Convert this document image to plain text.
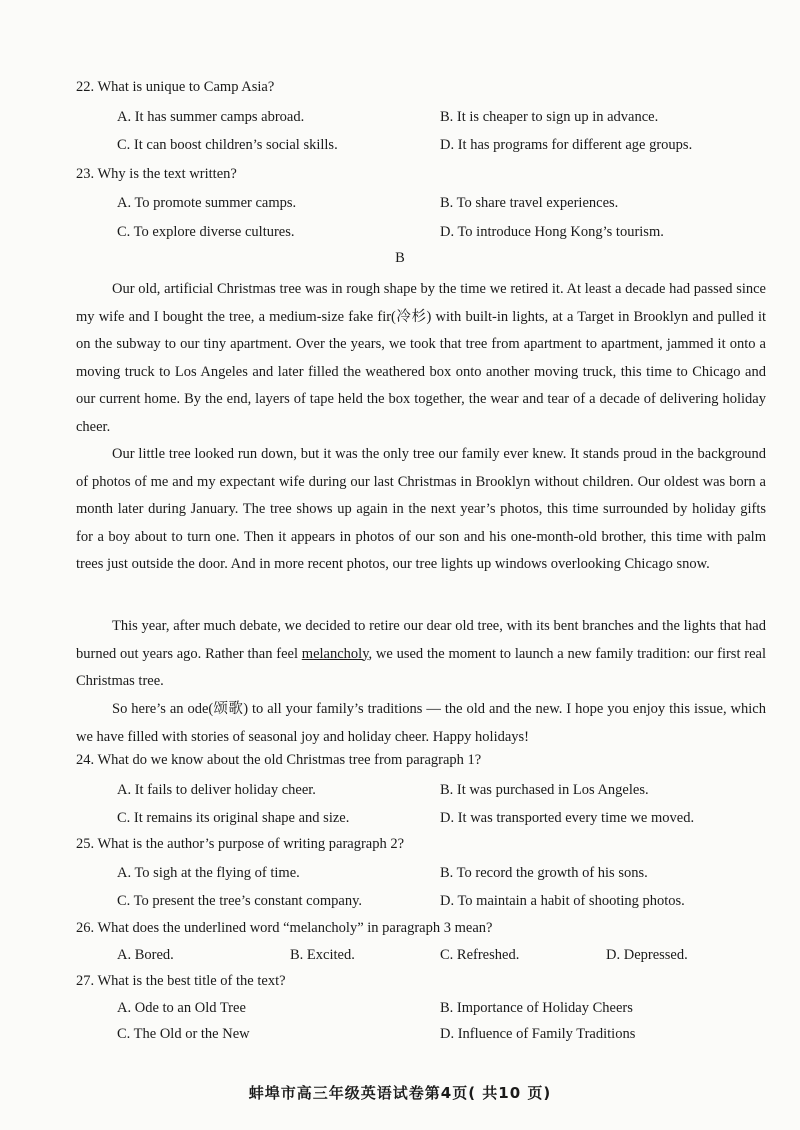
22. What is unique to Camp Asia?
A. It has summer camps abroad.	B. It is cheaper to sign up in advance.
C. It can boost children’s social skills.	D. It has programs for different age groups.
23. Why is the text written?
A. To promote summer camps.	B. To share travel experiences.
C. To explore diverse cultures.	D. To introduce Hong Kong’s tourism.
B

Our old, artificial Christmas tree was in rough shape by the time we retired it. At least a decade had passed since my wife and I bought the tree, a medium-size fake fir(冷杉) with built-in lights, at a Target in Brooklyn and pulled it on the subway to our tiny apartment. Over the years, we took that tree from apartment to apartment, jammed it onto a moving truck to Los Angeles and later filled the weathered box onto another moving truck, this time to Chicago and our current home. By the end, layers of tape held the box together, the wear and tear of a decade of delivering holiday cheer.

Our little tree looked run down, but it was the only tree our family ever knew. It stands proud in the background of photos of me and my expectant wife during our last Christmas in Brooklyn without children. Our oldest was born a month later during January. The tree shows up again in the next year’s photos, this time surrounded by holiday gifts for a boy about to turn one. Then it appears in photos of our son and his one-month-old brother, this time with palm trees just outside the door. And in more recent photos, our tree lights up windows overlooking Chicago snow.

This year, after much debate, we decided to retire our dear old tree, with its bent branches and the lights that had burned out years ago. Rather than feel melancholy, we used the moment to launch a new family tradition: our first real Christmas tree.

So here’s an ode(颂歌) to all your family’s traditions — the old and the new. I hope you enjoy this issue, which we have filled with stories of seasonal joy and holiday cheer. Happy holidays!

24. What do we know about the old Christmas tree from paragraph 1?
A. It fails to deliver holiday cheer.	B. It was purchased in Los Angeles.
C. It remains its original shape and size.	D. It was transported every time we moved.
25. What is the author’s purpose of writing paragraph 2?
A. To sigh at the flying of time.	B. To record the growth of his sons.
C. To present the tree’s constant company.	D. To maintain a habit of shooting photos.
26. What does the underlined word “melancholy” in paragraph 3 mean?
A. Bored.	B. Excited.	C. Refreshed.	D. Depressed.
27. What is the best title of the text?
A. Ode to an Old Tree	B. Importance of Holiday Cheers
C. The Old or the New	D. Influence of Family Traditions
蚌埠市高三年级英语试卷第4页( 共10 页)
